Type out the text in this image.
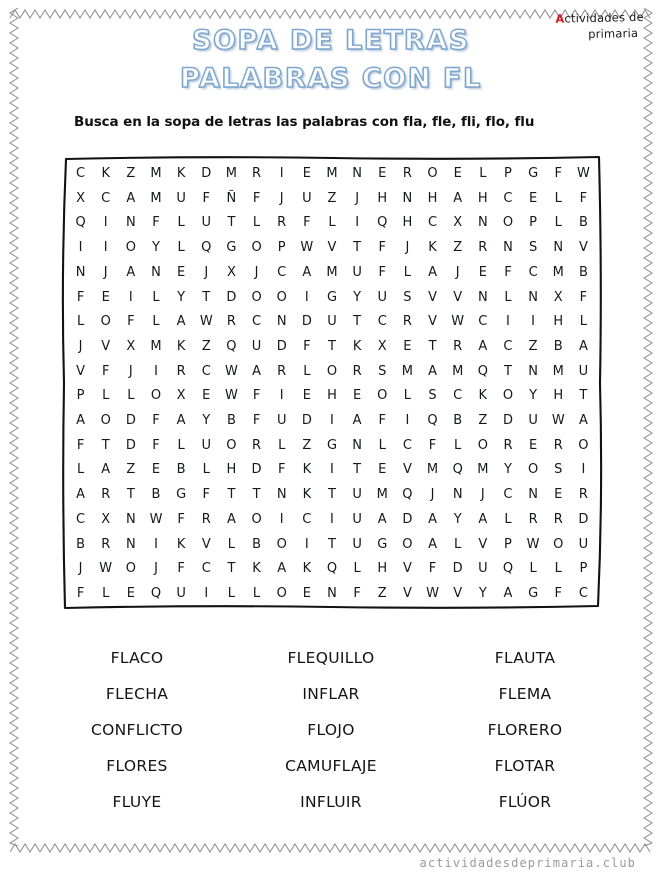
Actividades de
primaria
SOPA DE LETRAS
PALABRAS CON FL
Busca en la sopa de letras las palabras con fla, fle, fli, flo, flu
C	K	Z	M	K	D	M	R	I	E	M	N	E	R	O	E	L	P	G	F	W
X	C	A	M	U	F	Ñ	F	J	U	Z	J	H	N	H	A	H	C	E	L	F
Q	I	N	F	L	U	T	L	R	F	L	I	Q	H	C	X	N	O	P	L	B
I	I	O	Y	L	Q	G	O	P	W	V	T	F	J	K	Z	R	N	S	N	V
N	J	A	N	E	J	X	J	C	A	M	U	F	L	A	J	E	F	C	M	B
F	E	I	L	Y	T	D	O	O	I	G	Y	U	S	V	V	N	L	N	X	F
L	O	F	L	A	W	R	C	N	D	U	T	C	R	V	W	C	I	I	H	L
J	V	X	M	K	Z	Q	U	D	F	T	K	X	E	T	R	A	C	Z	B	A
V	F	J	I	R	C	W	A	R	L	O	R	S	M	A	M	Q	T	N	M	U
P	L	L	O	X	E	W	F	I	E	H	E	O	L	S	C	K	O	Y	H	T
A	O	D	F	A	Y	B	F	U	D	I	A	F	I	Q	B	Z	D	U	W	A
F	T	D	F	L	U	O	R	L	Z	G	N	L	C	F	L	O	R	E	R	O
L	A	Z	E	B	L	H	D	F	K	I	T	E	V	M	Q	M	Y	O	S	I
A	R	T	B	G	F	T	T	N	K	T	U	M	Q	J	N	J	C	N	E	R
C	X	N	W	F	R	A	O	I	C	I	U	A	D	A	Y	A	L	R	R	D
B	R	N	I	K	V	L	B	O	I	T	U	G	O	A	L	V	P	W	O	U
J	W	O	J	F	C	T	K	A	K	Q	L	H	V	F	D	U	Q	L	L	P
F	L	E	Q	U	I	L	L	O	E	N	F	Z	V	W	V	Y	A	G	F	C
FLACO	FLEQUILLO	FLAUTA
FLECHA	INFLAR	FLEMA
CONFLICTO	FLOJO	FLORERO
FLORES	CAMUFLAJE	FLOTAR
FLUYE	INFLUIR	FLÚOR
actividadesdeprimaria.club
